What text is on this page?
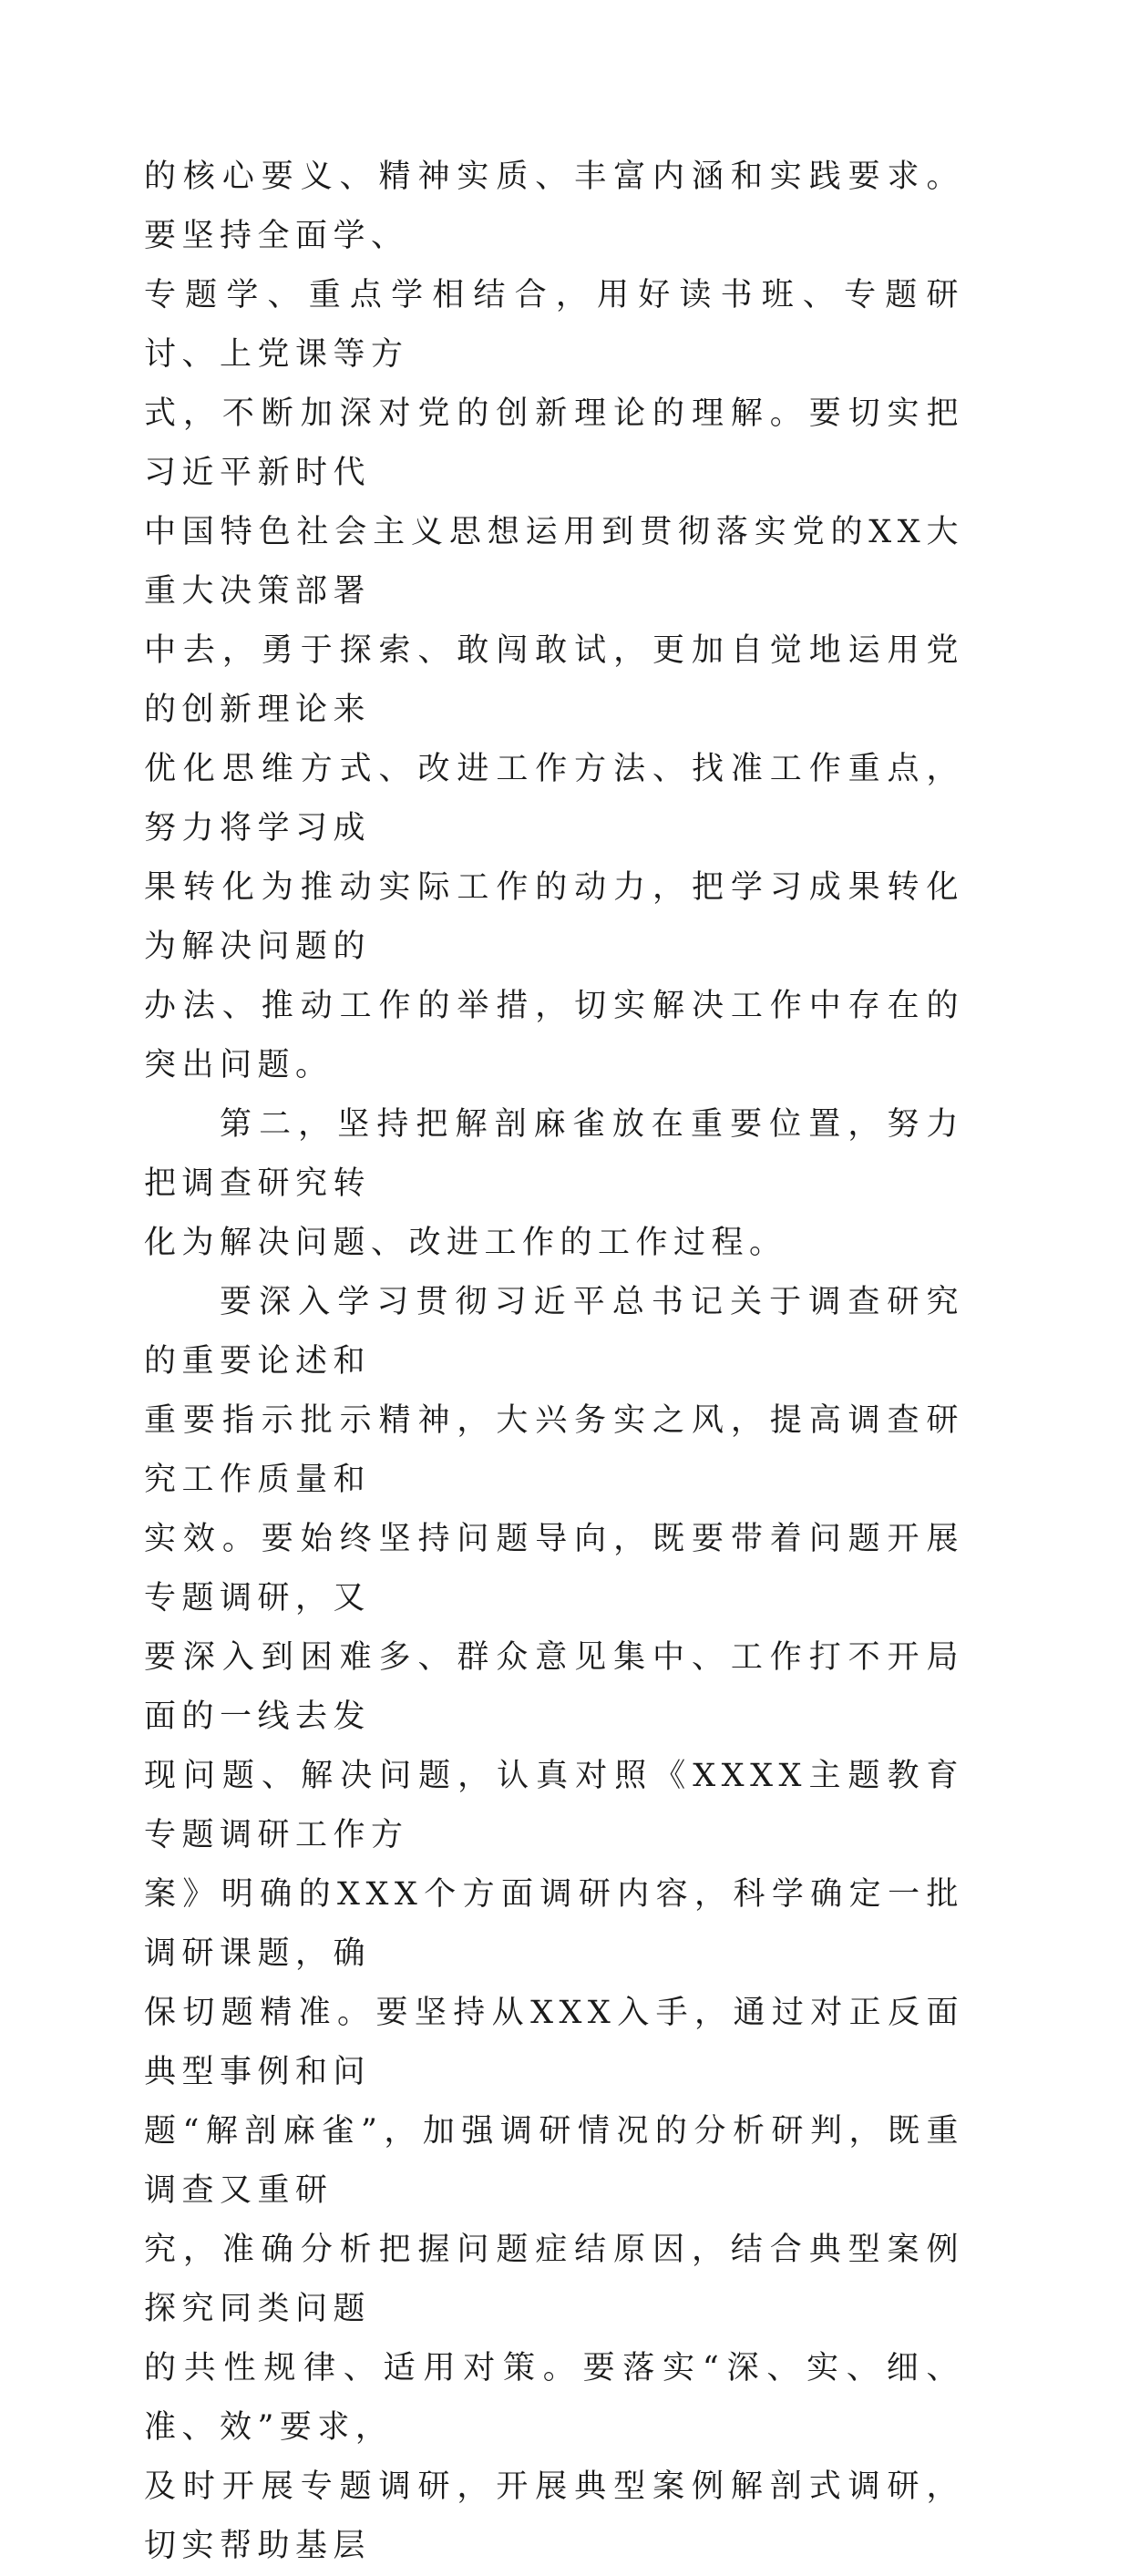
的核心要义、精神实质、丰富内涵和实践要求。要坚持全面学、
专题学、重点学相结合，用好读书班、专题研讨、上党课等方
式，不断加深对党的创新理论的理解。要切实把习近平新时代
中国特色社会主义思想运用到贯彻落实党的XX大重大决策部署
中去，勇于探索、敢闯敢试，更加自觉地运用党的创新理论来
优化思维方式、改进工作方法、找准工作重点，努力将学习成
果转化为推动实际工作的动力，把学习成果转化为解决问题的
办法、推动工作的举措，切实解决工作中存在的突出问题。

第二，坚持把解剖麻雀放在重要位置，努力把调查研究转
化为解决问题、改进工作的工作过程。

要深入学习贯彻习近平总书记关于调查研究的重要论述和
重要指示批示精神，大兴务实之风，提高调查研究工作质量和
实效。要始终坚持问题导向，既要带着问题开展专题调研，又
要深入到困难多、群众意见集中、工作打不开局面的一线去发
现问题、解决问题，认真对照《XXXX主题教育专题调研工作方
案》明确的XXX个方面调研内容，科学确定一批调研课题，确
保切题精准。要坚持从XXX入手，通过对正反面典型事例和问
题“解剖麻雀”，加强调研情况的分析研判，既重调查又重研
究，准确分析把握问题症结原因，结合典型案例探究同类问题
的共性规律、适用对策。要落实“深、实、细、准、效”要求，
及时开展专题调研，开展典型案例解剖式调研，切实帮助基层
